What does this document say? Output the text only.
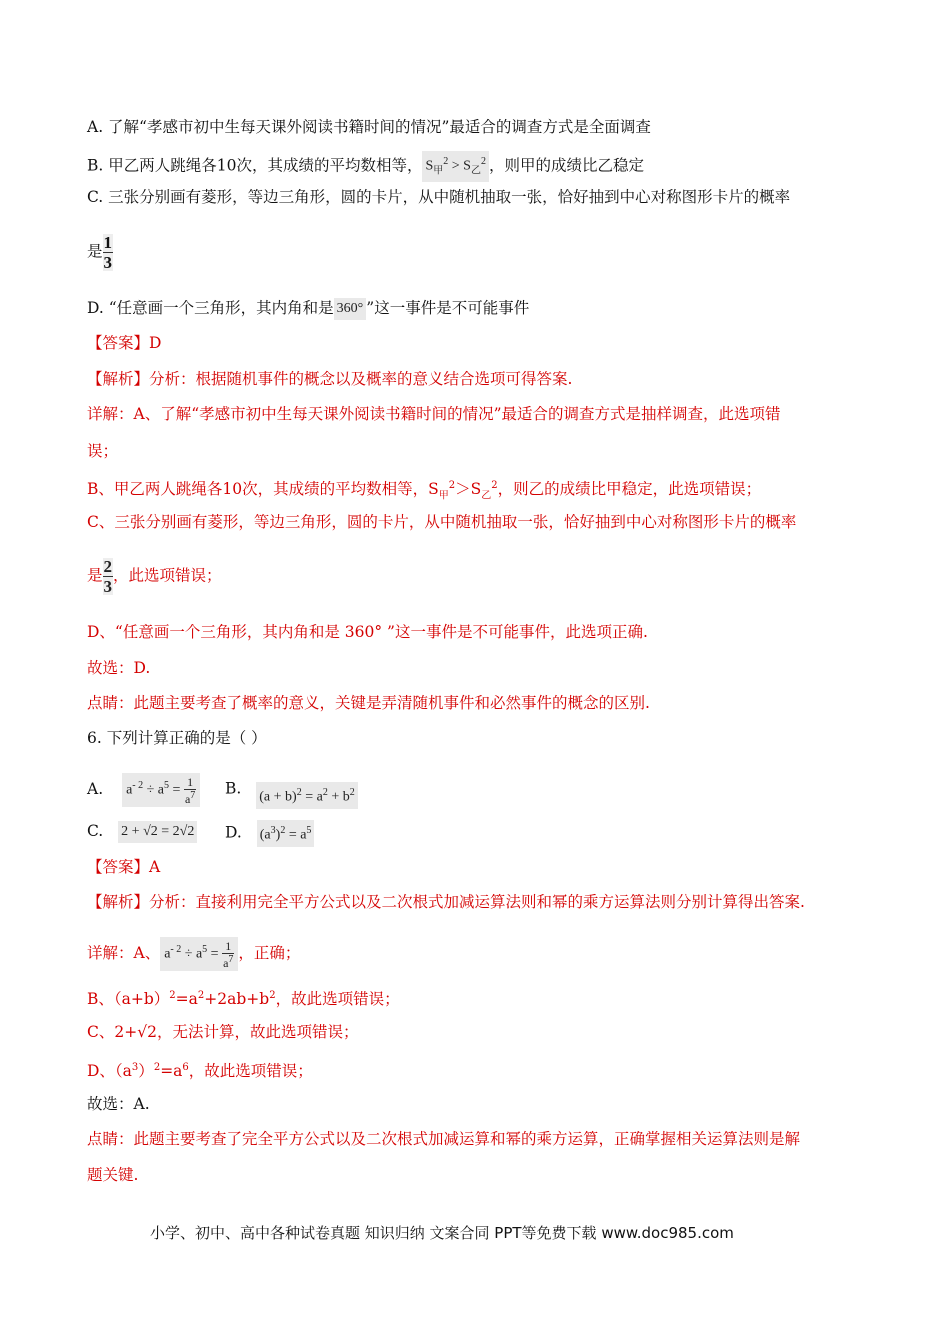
A. 了解“孝感市初中生每天课外阅读书籍时间的情况”最适合的调查方式是全面调查
B. 甲乙两人跳绳各10次，其成绩的平均数相等， $S_甲^2 > S_乙^2$ ，则甲的成绩比乙稳定
C. 三张分别画有菱形，等边三角形，圆的卡片，从中随机抽取一张，恰好抽到中心对称图形卡片的概率
是 $\frac{1}{3}$
D. “任意画一个三角形，其内角和是 360° ”这一事件是不可能事件
【答案】D
【解析】分析：根据随机事件的概念以及概率的意义结合选项可得答案.
详解：A、了解“孝感市初中生每天课外阅读书籍时间的情况”最适合的调查方式是抽样调查，此选项错
误；
B、甲乙两人跳绳各10次，其成绩的平均数相等，$S_甲^2>S_乙^2$，则乙的成绩比甲稳定，此选项错误；
C、三张分别画有菱形，等边三角形，圆的卡片，从中随机抽取一张，恰好抽到中心对称图形卡片的概率
是 $\frac{2}{3}$ ，此选项错误；
D、“任意画一个三角形，其内角和是 360° ”这一事件是不可能事件，此选项正确.
故选：D.
点睛：此题主要考查了概率的意义，关键是弄清随机事件和必然事件的概念的区别.
6. 下列计算正确的是（ ）
A. $a^{- 2} \div a^5 = \frac{1}{a^7} B$. $(a + b)^2 = a^2 + b^2$
C. 2 + √2 = 2√2 D. $(a^3)^2 = a^5$
【答案】A
【解析】分析：直接利用完全平方公式以及二次根式加减运算法则和幂的乘方运算法则分别计算得出答案.
详解：A、 $a^{- 2} \div a^5 = \frac{1}{a^7}$ ，正确；
B、$(a+b)^2=a^2+2ab+b^2$，故此选项错误；
C、2+√2，无法计算，故此选项错误；
D、$(a^3)^2=a^6$，故此选项错误；
故选：A.
点睛：此题主要考查了完全平方公式以及二次根式加减运算和幂的乘方运算，正确掌握相关运算法则是解
题关键.
小学、初中、高中各种试卷真题 知识归纳 文案合同 PPT等免费下载 www.doc985.com
